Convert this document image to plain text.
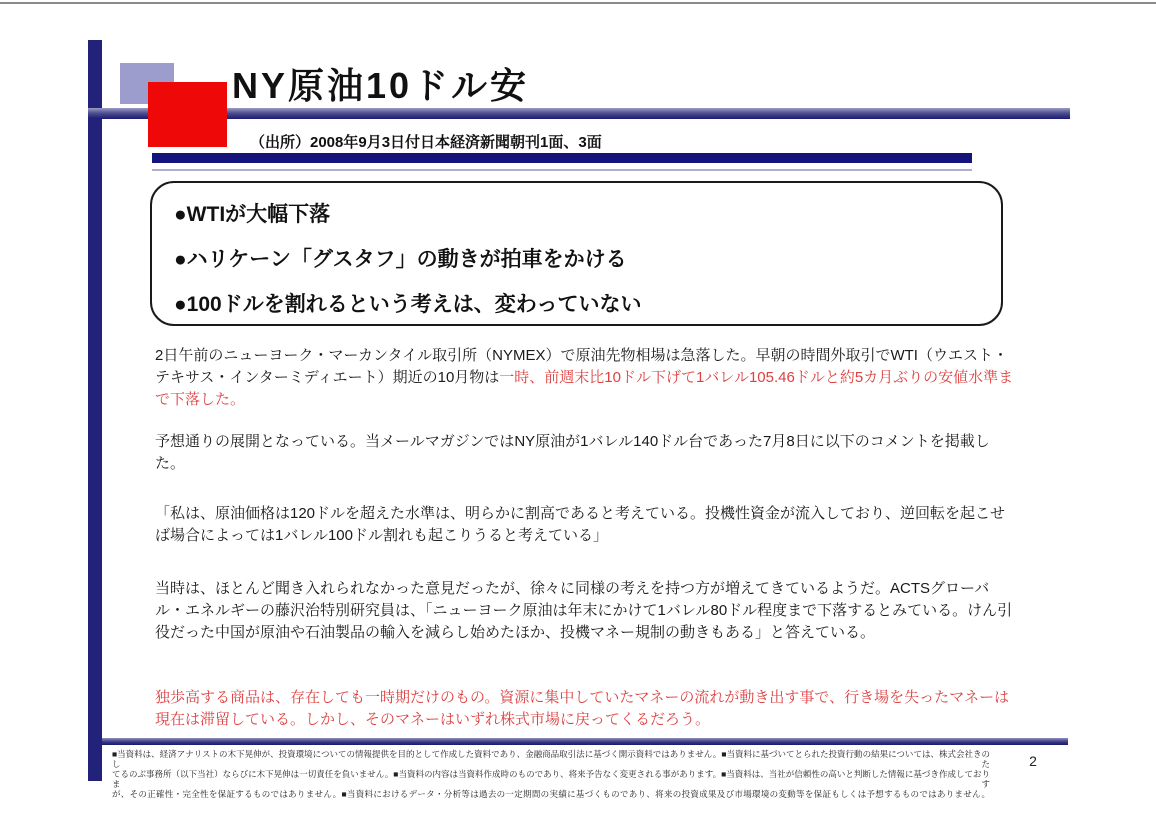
NY原油10ドル安
（出所）2008年9月3日付日本経済新聞朝刊1面、3面
●WTIが大幅下落
●ハリケーン「グスタフ」の動きが拍車をかける
●100ドルを割れるという考えは、変わっていない

2日午前のニューヨーク・マーカンタイル取引所（NYMEX）で原油先物相場は急落した。早朝の時間外取引でWTI（ウエスト・テキサス・インターミディエート）期近の10月物は一時、前週末比10ドル下げて1バレル105.46ドルと約5カ月ぶりの安値水準まで下落した。

予想通りの展開となっている。当メールマガジンではNY原油が1バレル140ドル台であった7月8日に以下のコメントを掲載した。

「私は、原油価格は120ドルを超えた水準は、明らかに割高であると考えている。投機性資金が流入しており、逆回転を起こせば場合によっては1バレル100ドル割れも起こりうると考えている」

当時は、ほとんど聞き入れられなかった意見だったが、徐々に同様の考えを持つ方が増えてきているようだ。ACTSグローバル・エネルギーの藤沢治特別研究員は、「ニューヨーク原油は年末にかけて1バレル80ドル程度まで下落するとみている。けん引役だった中国が原油や石油製品の輸入を減らし始めたほか、投機マネー規制の動きもある」と答えている。

独歩高する商品は、存在しても一時期だけのもの。資源に集中していたマネーの流れが動き出す事で、行き場を失ったマネーは現在は滞留している。しかし、そのマネーはいずれ株式市場に戻ってくるだろう。

■当資料は、経済アナリストの木下晃伸が、投資環境についての情報提供を目的として作成した資料であり、金融商品取引法に基づく開示資料ではありません。■当資料に基づいてとられた投資行動の結果については、株式会社きのした
てるのぶ事務所（以下当社）ならびに木下晃伸は一切責任を負いません。■当資料の内容は当資料作成時のものであり、将来予告なく変更される事があります。■当資料は、当社が信頼性の高いと判断した情報に基づき作成しております
が、その正確性・完全性を保証するものではありません。■当資料におけるデータ・分析等は過去の一定期間の実績に基づくものであり、将来の投資成果及び市場環境の変動等を保証もしくは予想するものではありません。
2
